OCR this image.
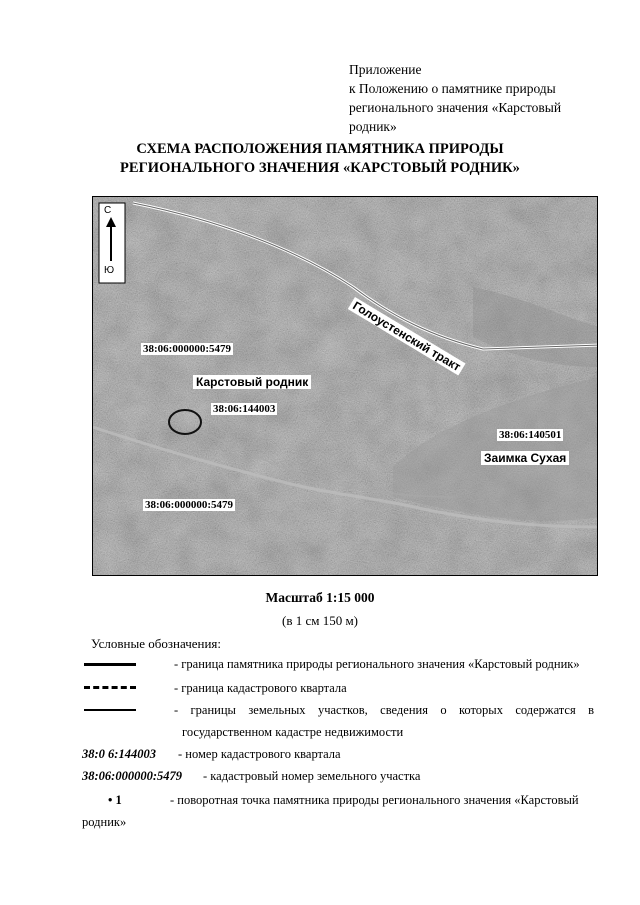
Приложение
к Положению о памятнике природы
регионального значения «Карстовый
родник»
СХЕМА РАСПОЛОЖЕНИЯ ПАМЯТНИКА ПРИРОДЫ
РЕГИОНАЛЬНОГО ЗНАЧЕНИЯ «КАРСТОВЫЙ РОДНИК»
С
Ю
Голоустенский тракт
38:06:000000:5479
Карстовый родник
38:06:144003
38:06:140501
Заимка Сухая
38:06:000000:5479
Масштаб 1:15 000
(в 1 см 150 м)
Условные обозначения:
- граница памятника природы регионального значения «Карстовый родник»
- граница кадастрового квартала
- границы земельных участков, сведения о которых содержатся в
государственном кадастре недвижимости
38:0 6:144003 - номер кадастрового квартала
38:06:000000:5479 - кадастровый номер земельного участка
• 1	- поворотная точка памятника природы регионального значения «Карстовый
родник»
